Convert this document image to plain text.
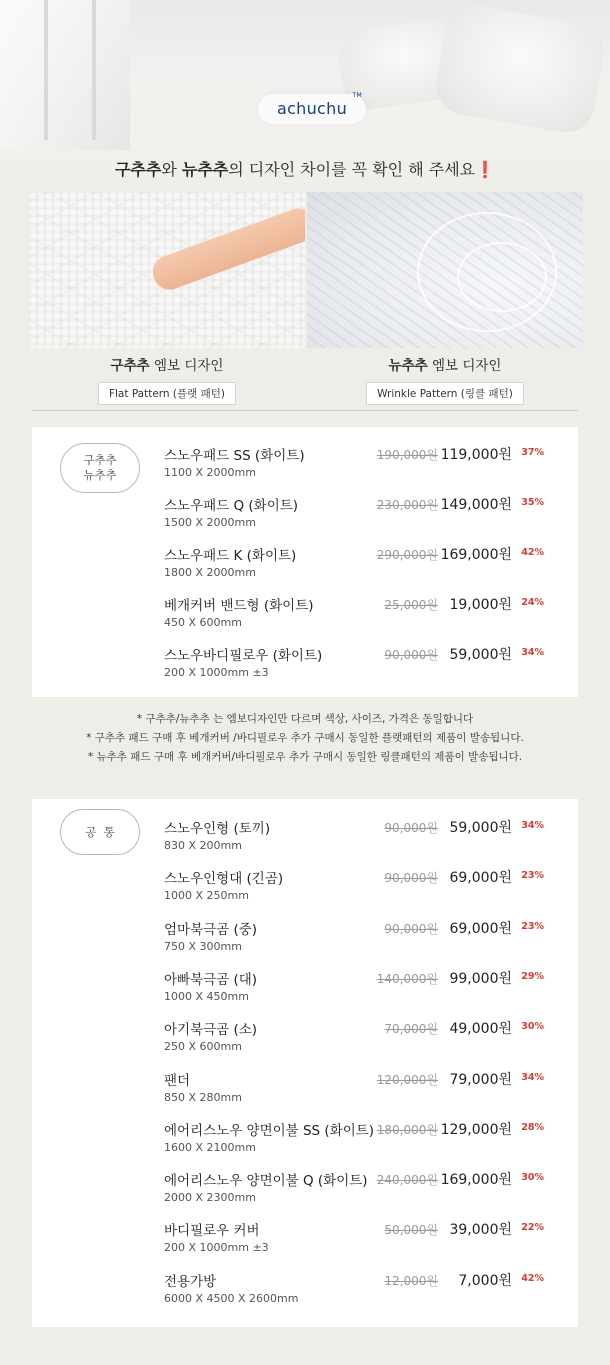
achuchu
TM
구추추와 뉴추추의 디자인 차이를 꼭 확인 해 주세요❗
구추추 엠보 디자인
Flat Pattern (플랫 패턴)
뉴추추 엠보 디자인
Wrinkle Pattern (링클 패턴)
구추추
뉴추추
스노우패드 SS (화이트)
1100 X 2000mm
190,000원 119,000원 37%
스노우패드 Q (화이트)
1500 X 2000mm
230,000원 149,000원 35%
스노우패드 K (화이트)
1800 X 2000mm
290,000원 169,000원 42%
베개커버 밴드형 (화이트)
450 X 600mm
25,000원 19,000원 24%
스노우바디필로우 (화이트)
200 X 1000mm ±3
90,000원 59,000원 34%
* 구추추/뉴추추 는 엠보디자인만 다르며 색상, 사이즈, 가격은 동일합니다
* 구추추 패드 구매 후 베개커버 /바디필로우 추가 구매시 동일한 플랫패턴의 제품이 발송됩니다.
* 뉴추추 패드 구매 후 베개커버/바디필로우 추가 구매시 동일한 링클패턴의 제품이 발송됩니다.
공  통	스노우인형 (토끼)
830 X 200mm
90,000원 59,000원 34%
스노우인형대 (긴곰)
1000 X 250mm
90,000원 69,000원 23%
엄마북극곰 (중)
750 X 300mm
90,000원 69,000원 23%
아빠북극곰 (대)
1000 X 450mm
140,000원 99,000원 29%
아기북극곰 (소)
250 X 600mm
70,000원 49,000원 30%
팬더
850 X 280mm
120,000원 79,000원 34%
에어리스노우 양면이불 SS (화이트)
1600 X 2100mm
180,000원 129,000원 28%
에어리스노우 양면이불 Q (화이트)
2000 X 2300mm
240,000원 169,000원 30%
바디필로우 커버
200 X 1000mm ±3
50,000원 39,000원 22%
전용가방
6000 X 4500 X 2600mm
12,000원 7,000원 42%
